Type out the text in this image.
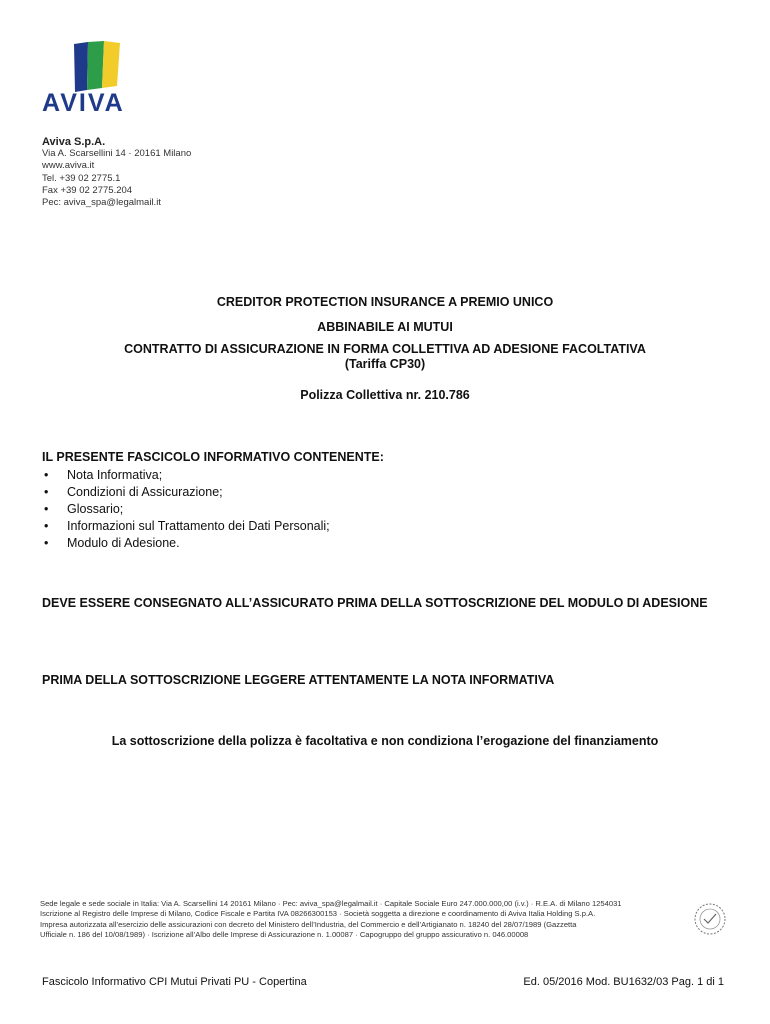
AVIVA
Aviva S.p.A.
Via A. Scarsellini 14 · 20161 Milano
www.aviva.it
Tel. +39 02 2775.1
Fax +39 02 2775.204
Pec: aviva_spa@legalmail.it
CREDITOR PROTECTION INSURANCE A PREMIO UNICO
ABBINABILE AI MUTUI
CONTRATTO DI ASSICURAZIONE IN FORMA COLLETTIVA AD ADESIONE FACOLTATIVA
(Tariffa CP30)
Polizza Collettiva nr. 210.786
IL PRESENTE FASCICOLO INFORMATIVO CONTENENTE:
• Nota Informativa;
• Condizioni di Assicurazione;
• Glossario;
• Informazioni sul Trattamento dei Dati Personali;
• Modulo di Adesione.
DEVE ESSERE CONSEGNATO ALL’ASSICURATO PRIMA DELLA SOTTOSCRIZIONE DEL MODULO DI ADESIONE
PRIMA DELLA SOTTOSCRIZIONE LEGGERE ATTENTAMENTE LA NOTA INFORMATIVA
La sottoscrizione della polizza è facoltativa e non condiziona l’erogazione del finanziamento
Sede legale e sede sociale in Italia: Via A. Scarsellini 14 20161 Milano · Pec: aviva_spa@legalmail.it · Capitale Sociale Euro 247.000.000,00 (i.v.) · R.E.A. di Milano 1254031
Iscrizione al Registro delle Imprese di Milano, Codice Fiscale e Partita IVA 08266300153 · Società soggetta a direzione e coordinamento di Aviva Italia Holding S.p.A.
Impresa autorizzata all’esercizio delle assicurazioni con decreto del Ministero dell’Industria, del Commercio e dell’Artigianato n. 18240 del 28/07/1989 (Gazzetta
Ufficiale n. 186 del 10/08/1989) · Iscrizione all’Albo delle Imprese di Assicurazione n. 1.00087 · Capogruppo del gruppo assicurativo n. 046.00008
Fascicolo Informativo CPI Mutui Privati PU - Copertina	Ed. 05/2016 Mod. BU1632/03 Pag. 1 di 1
